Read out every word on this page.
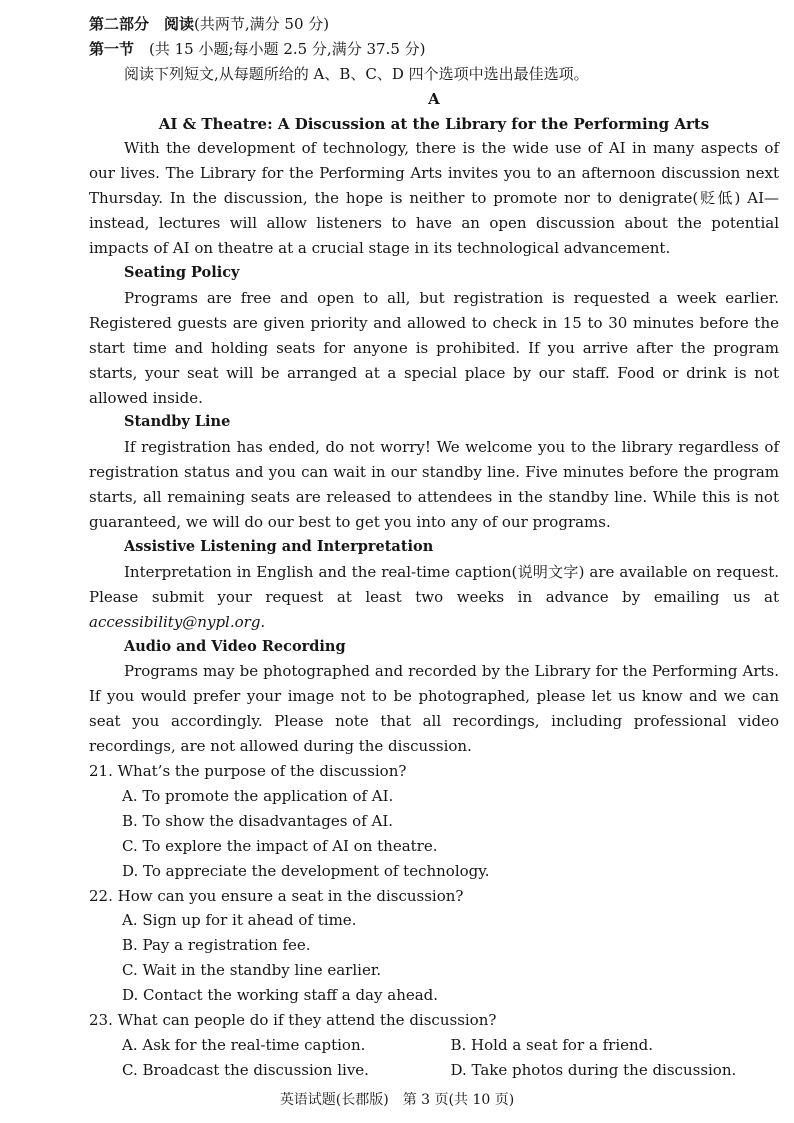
第二部分　阅读(共两节,满分 50 分)
第一节　(共 15 小题;每小题 2.5 分,满分 37.5 分)
阅读下列短文,从每题所给的 A、B、C、D 四个选项中选出最佳选项。
A
AI & Theatre: A Discussion at the Library for the Performing Arts

With the development of technology, there is the wide use of AI in many aspects of our lives. The Library for the Performing Arts invites you to an afternoon discussion next Thursday. In the discussion, the hope is neither to promote nor to denigrate(贬低) AI—instead, lectures will allow listeners to have an open discussion about the potential impacts of AI on theatre at a crucial stage in its technological advancement.

Seating Policy

Programs are free and open to all, but registration is requested a week earlier. Registered guests are given priority and allowed to check in 15 to 30 minutes before the start time and holding seats for anyone is prohibited. If you arrive after the program starts, your seat will be arranged at a special place by our staff. Food or drink is not allowed inside.

Standby Line

If registration has ended, do not worry! We welcome you to the library regardless of registration status and you can wait in our standby line. Five minutes before the program starts, all remaining seats are released to attendees in the standby line. While this is not guaranteed, we will do our best to get you into any of our programs.

Assistive Listening and Interpretation

Interpretation in English and the real-time caption(说明文字) are available on request. Please submit your request at least two weeks in advance by emailing us at accessibility@nypl.org.

Audio and Video Recording

Programs may be photographed and recorded by the Library for the Performing Arts. If you would prefer your image not to be photographed, please let us know and we can seat you accordingly. Please note that all recordings, including professional video recordings, are not allowed during the discussion.

21. What’s the purpose of the discussion?
A. To promote the application of AI.
B. To show the disadvantages of AI.
C. To explore the impact of AI on theatre.
D. To appreciate the development of technology.
22. How can you ensure a seat in the discussion?
A. Sign up for it ahead of time.
B. Pay a registration fee.
C. Wait in the standby line earlier.
D. Contact the working staff a day ahead.
23. What can people do if they attend the discussion?
A. Ask for the real-time caption.	B. Hold a seat for a friend.
C. Broadcast the discussion live.	D. Take photos during the discussion.
英语试题(长郡版)　第 3 页(共 10 页)
